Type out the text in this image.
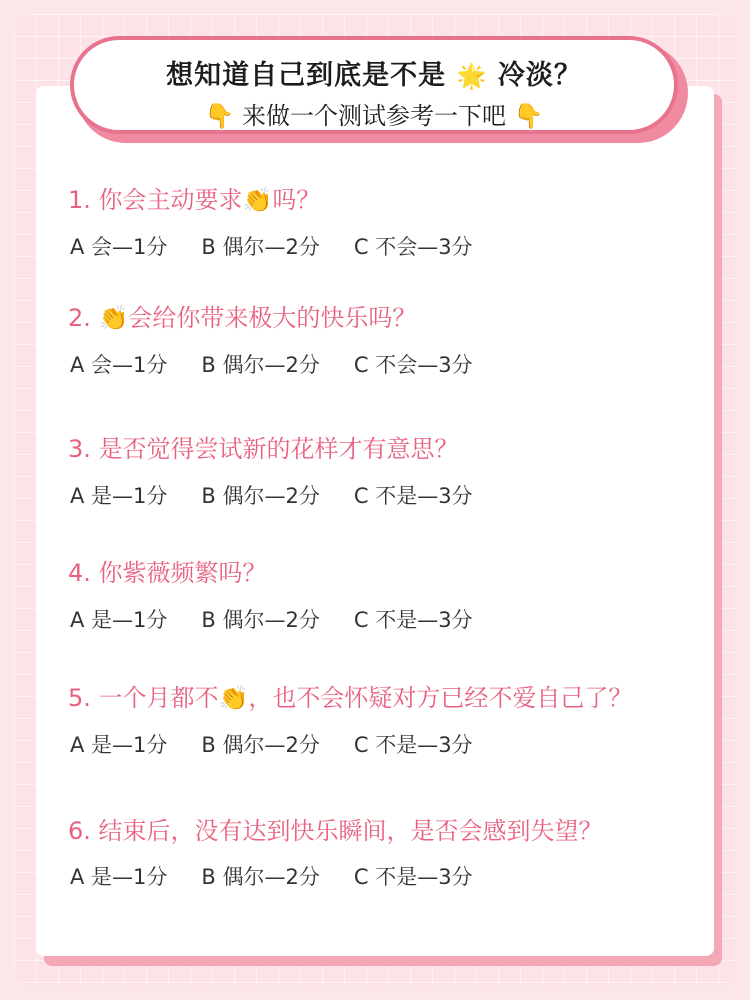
想知道自己到底是不是 🌟 冷淡？
👇 来做一个测试参考一下吧 👇
1. 你会主动要求👏吗？
A 会—1分 B 偶尔—2分 C 不会—3分
2. 👏会给你带来极大的快乐吗？
A 会—1分 B 偶尔—2分 C 不会—3分
3. 是否觉得尝试新的花样才有意思？
A 是—1分 B 偶尔—2分 C 不是—3分
4. 你紫薇频繁吗？
A 是—1分 B 偶尔—2分 C 不是—3分
5. 一个月都不👏，也不会怀疑对方已经不爱自己了？
A 是—1分 B 偶尔—2分 C 不是—3分
6. 结束后，没有达到快乐瞬间，是否会感到失望？
A 是—1分 B 偶尔—2分 C 不是—3分
